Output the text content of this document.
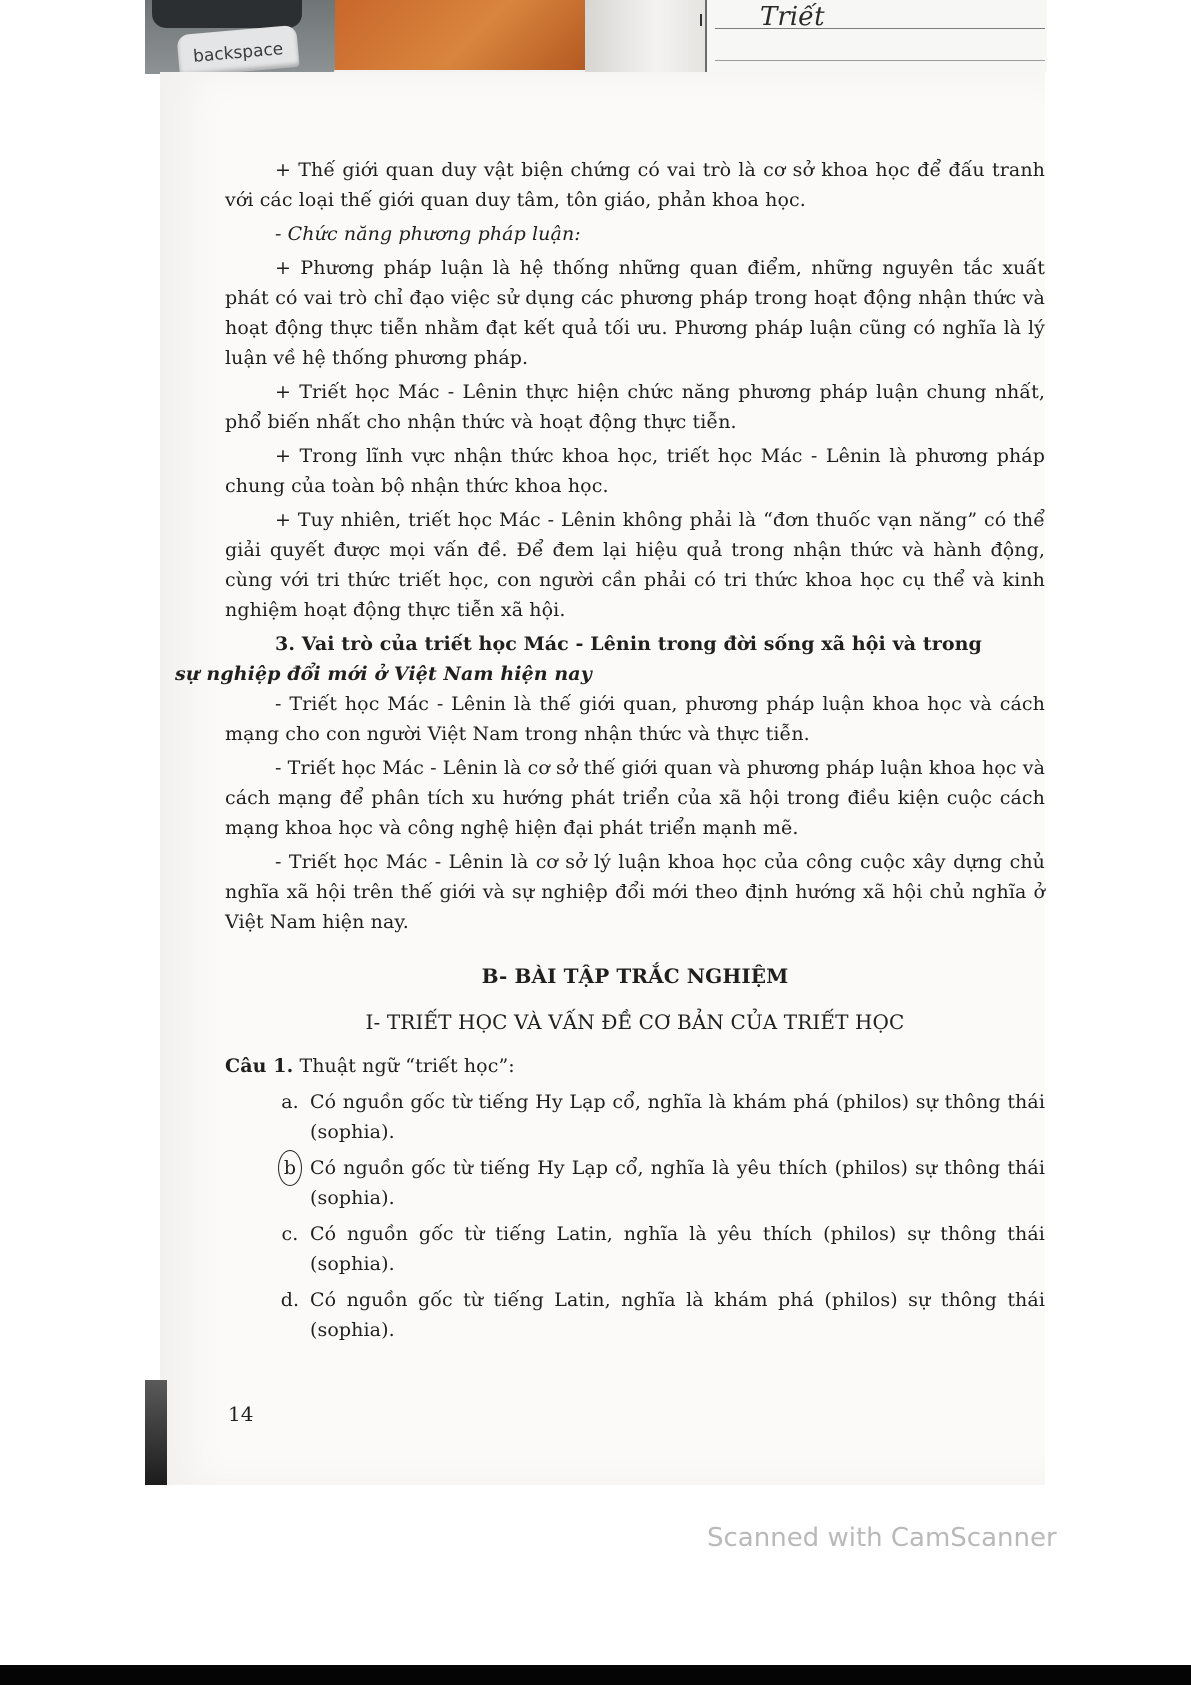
backspace
Triết

+ Thế giới quan duy vật biện chứng có vai trò là cơ sở khoa học để đấu tranh với các loại thế giới quan duy tâm, tôn giáo, phản khoa học.

- Chức năng phương pháp luận:

+ Phương pháp luận là hệ thống những quan điểm, những nguyên tắc xuất phát có vai trò chỉ đạo việc sử dụng các phương pháp trong hoạt động nhận thức và hoạt động thực tiễn nhằm đạt kết quả tối ưu. Phương pháp luận cũng có nghĩa là lý luận về hệ thống phương pháp.

+ Triết học Mác - Lênin thực hiện chức năng phương pháp luận chung nhất, phổ biến nhất cho nhận thức và hoạt động thực tiễn.

+ Trong lĩnh vực nhận thức khoa học, triết học Mác - Lênin là phương pháp chung của toàn bộ nhận thức khoa học.

+ Tuy nhiên, triết học Mác - Lênin không phải là “đơn thuốc vạn năng” có thể giải quyết được mọi vấn đề. Để đem lại hiệu quả trong nhận thức và hành động, cùng với tri thức triết học, con người cần phải có tri thức khoa học cụ thể và kinh nghiệm hoạt động thực tiễn xã hội.

3. Vai trò của triết học Mác - Lênin trong đời sống xã hội và trong
sự nghiệp đổi mới ở Việt Nam hiện nay

- Triết học Mác - Lênin là thế giới quan, phương pháp luận khoa học và cách mạng cho con người Việt Nam trong nhận thức và thực tiễn.

- Triết học Mác - Lênin là cơ sở thế giới quan và phương pháp luận khoa học và cách mạng để phân tích xu hướng phát triển của xã hội trong điều kiện cuộc cách mạng khoa học và công nghệ hiện đại phát triển mạnh mẽ.

- Triết học Mác - Lênin là cơ sở lý luận khoa học của công cuộc xây dựng chủ nghĩa xã hội trên thế giới và sự nghiệp đổi mới theo định hướng xã hội chủ nghĩa ở Việt Nam hiện nay.

B- BÀI TẬP TRẮC NGHIỆM
I- TRIẾT HỌC VÀ VẤN ĐỀ CƠ BẢN CỦA TRIẾT HỌC
Câu 1. Thuật ngữ “triết học”:
a. Có nguồn gốc từ tiếng Hy Lạp cổ, nghĩa là khám phá (philos) sự thông thái (sophia).
b Có nguồn gốc từ tiếng Hy Lạp cổ, nghĩa là yêu thích (philos) sự thông thái (sophia).
c. Có nguồn gốc từ tiếng Latin, nghĩa là yêu thích (philos) sự thông thái (sophia).
d. Có nguồn gốc từ tiếng Latin, nghĩa là khám phá (philos) sự thông thái (sophia).
14
Scanned with CamScanner
